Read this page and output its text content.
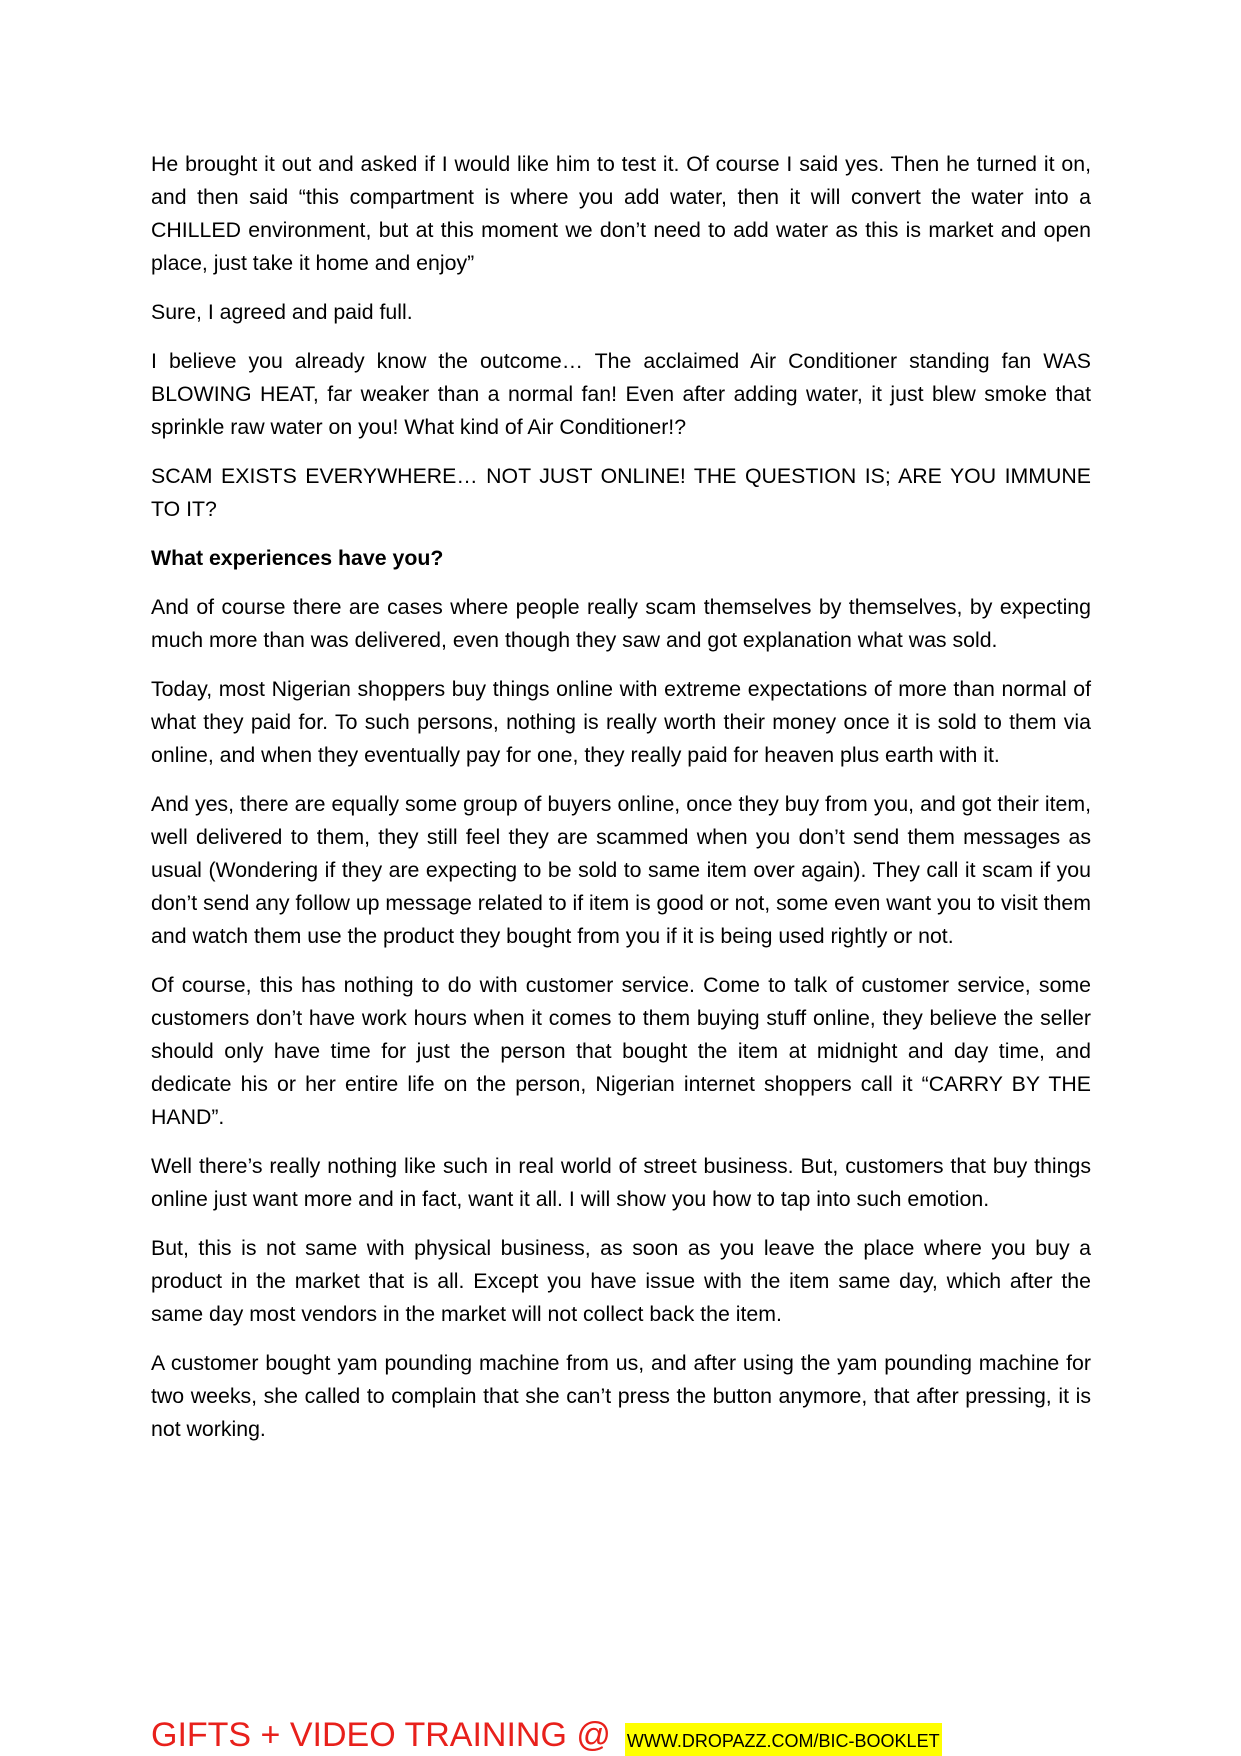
He brought it out and asked if I would like him to test it. Of course I said yes. Then he turned it on, and then said “this compartment is where you add water, then it will convert the water into a CHILLED environment, but at this moment we don’t need to add water as this is market and open place, just take it home and enjoy”

Sure, I agreed and paid full.

I believe you already know the outcome… The acclaimed Air Conditioner standing fan WAS BLOWING HEAT, far weaker than a normal fan! Even after adding water, it just blew smoke that sprinkle raw water on you! What kind of Air Conditioner!?

SCAM EXISTS EVERYWHERE… NOT JUST ONLINE! THE QUESTION IS; ARE YOU IMMUNE TO IT?

What experiences have you?

And of course there are cases where people really scam themselves by themselves, by expecting much more than was delivered, even though they saw and got explanation what was sold.

Today, most Nigerian shoppers buy things online with extreme expectations of more than normal of what they paid for. To such persons, nothing is really worth their money once it is sold to them via online, and when they eventually pay for one, they really paid for heaven plus earth with it.

And yes, there are equally some group of buyers online, once they buy from you, and got their item, well delivered to them, they still feel they are scammed when you don’t send them messages as usual (Wondering if they are expecting to be sold to same item over again). They call it scam if you don’t send any follow up message related to if item is good or not, some even want you to visit them and watch them use the product they bought from you if it is being used rightly or not.

Of course, this has nothing to do with customer service. Come to talk of customer service, some customers don’t have work hours when it comes to them buying stuff online, they believe the seller should only have time for just the person that bought the item at midnight and day time, and dedicate his or her entire life on the person, Nigerian internet shoppers call it “CARRY BY THE HAND”.

Well there’s really nothing like such in real world of street business. But, customers that buy things online just want more and in fact, want it all. I will show you how to tap into such emotion.

But, this is not same with physical business, as soon as you leave the place where you buy a product in the market that is all. Except you have issue with the item same day, which after the same day most vendors in the market will not collect back the item.

A customer bought yam pounding machine from us, and after using the yam pounding machine for two weeks, she called to complain that she can’t press the button anymore, that after pressing, it is not working.

GIFTS + VIDEO TRAINING @ WWW.DROPAZZ.COM/BIC-BOOKLET
